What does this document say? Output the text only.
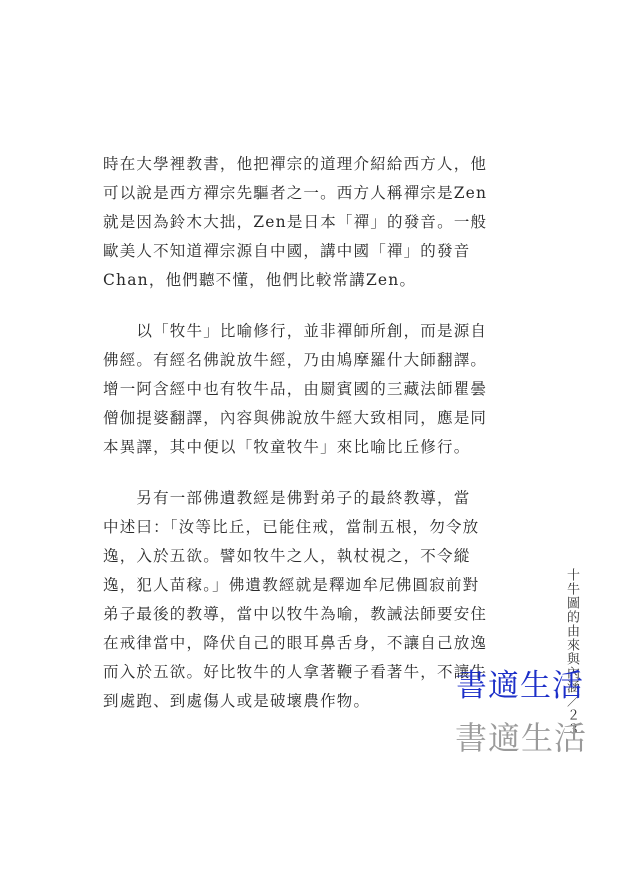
時在大學裡教書，他把禪宗的道理介紹給西方人，他
可以說是西方禪宗先驅者之一。西方人稱禪宗是Zen
就是因為鈴木大拙，Zen是日本「禪」的發音。一般
歐美人不知道禪宗源自中國，講中國「禪」的發音
Chan，他們聽不懂，他們比較常講Zen。
　　以「牧牛」比喻修行，並非禪師所創，而是源自
佛經。有經名佛說放牛經，乃由鳩摩羅什大師翻譯。
增一阿含經中也有牧牛品，由罽賓國的三藏法師瞿曇
僧伽提婆翻譯，內容與佛說放牛經大致相同，應是同
本異譯，其中便以「牧童牧牛」來比喻比丘修行。
　　另有一部佛遺教經是佛對弟子的最終教導，當
中述曰：「汝等比丘，已能住戒，當制五根，勿令放
逸，入於五欲。譬如牧牛之人，執杖視之，不令縱
逸，犯人苗稼。」佛遺教經就是釋迦牟尼佛圓寂前對
弟子最後的教導，當中以牧牛為喻，教誡法師要安住
在戒律當中，降伏自己的眼耳鼻舌身，不讓自己放逸
而入於五欲。好比牧牛的人拿著鞭子看著牛，不讓牛
到處跑、到處傷人或是破壞農作物。	十牛圖的由來與內涵／２３
書適生活
書適生活
